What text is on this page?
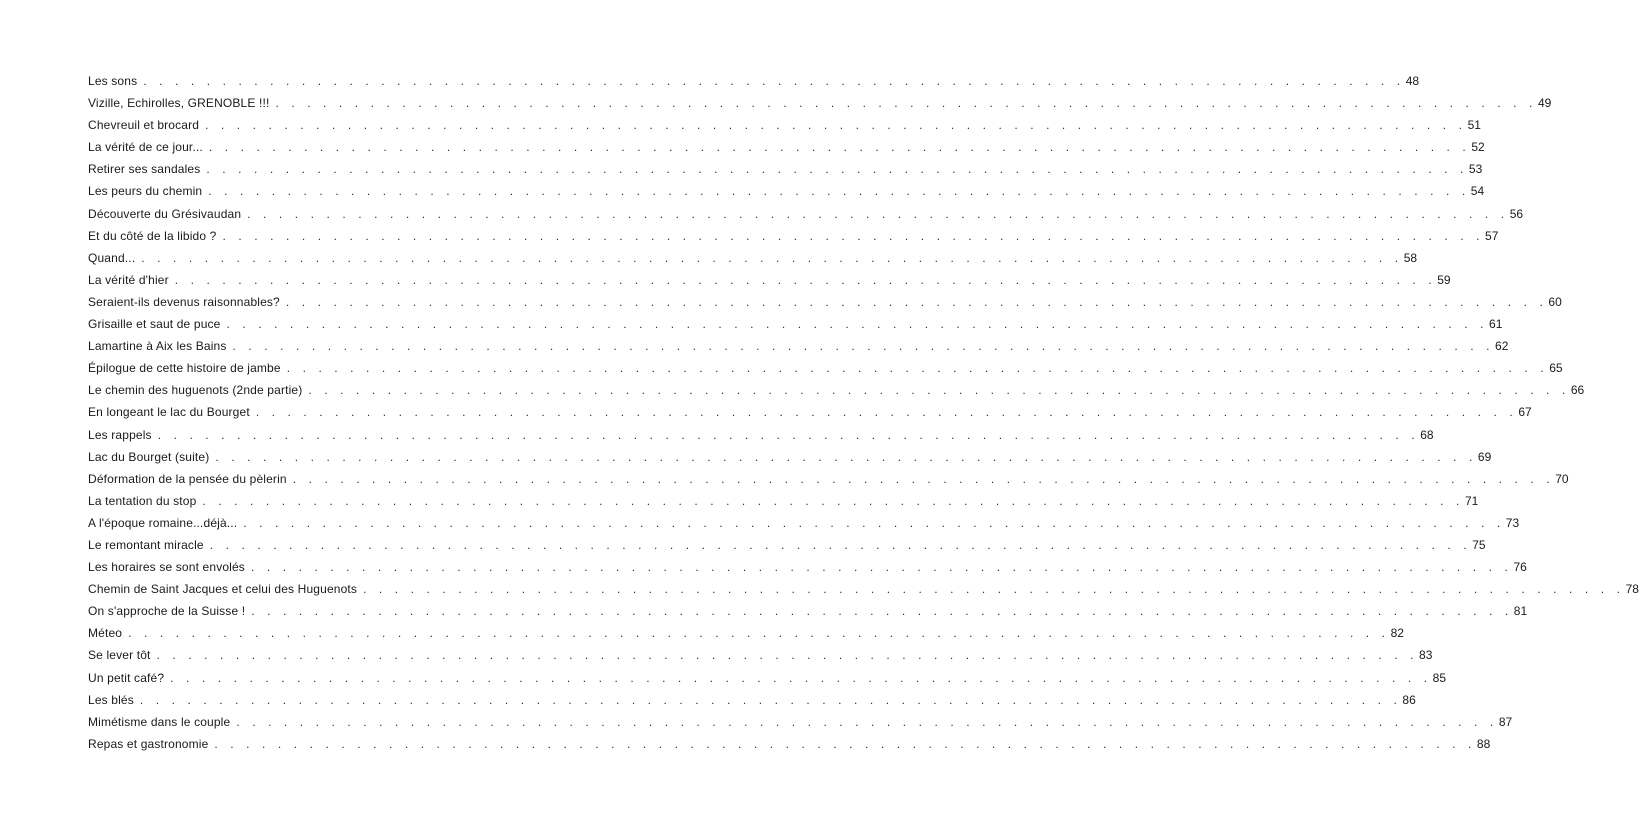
Les sons . . . . . . . . . . . . . . . . . . . . . . . . . . . . . . . . . . . . . . . . . . . . . . . . . . . . . . . . . . . . . . . . . . . . . . . . . . . . . . . . 48
Vizille, Echirolles, GRENOBLE !!! . . . . . . . . . . . . . . . . . . . . . . . . . . . . . . . . . . . . . . . . . . . . . . . . . . . . . . . . . . . . . . . . . . . . . . . . . . . . . . . . 49
Chevreuil et brocard . . . . . . . . . . . . . . . . . . . . . . . . . . . . . . . . . . . . . . . . . . . . . . . . . . . . . . . . . . . . . . . . . . . . . . . . . . . . . . . . 51
La vérité de ce jour... . . . . . . . . . . . . . . . . . . . . . . . . . . . . . . . . . . . . . . . . . . . . . . . . . . . . . . . . . . . . . . . . . . . . . . . . . . . . . . . . 52
Retirer ses sandales . . . . . . . . . . . . . . . . . . . . . . . . . . . . . . . . . . . . . . . . . . . . . . . . . . . . . . . . . . . . . . . . . . . . . . . . . . . . . . . . 53
Les peurs du chemin . . . . . . . . . . . . . . . . . . . . . . . . . . . . . . . . . . . . . . . . . . . . . . . . . . . . . . . . . . . . . . . . . . . . . . . . . . . . . . . . 54
Découverte du Grésivaudan . . . . . . . . . . . . . . . . . . . . . . . . . . . . . . . . . . . . . . . . . . . . . . . . . . . . . . . . . . . . . . . . . . . . . . . . . . . . . . . . 56
Et du côté de la libido ? . . . . . . . . . . . . . . . . . . . . . . . . . . . . . . . . . . . . . . . . . . . . . . . . . . . . . . . . . . . . . . . . . . . . . . . . . . . . . . . . 57
Quand... . . . . . . . . . . . . . . . . . . . . . . . . . . . . . . . . . . . . . . . . . . . . . . . . . . . . . . . . . . . . . . . . . . . . . . . . . . . . . . . . 58
La vérité d'hier . . . . . . . . . . . . . . . . . . . . . . . . . . . . . . . . . . . . . . . . . . . . . . . . . . . . . . . . . . . . . . . . . . . . . . . . . . . . . . . . 59
Seraient-ils devenus raisonnables? . . . . . . . . . . . . . . . . . . . . . . . . . . . . . . . . . . . . . . . . . . . . . . . . . . . . . . . . . . . . . . . . . . . . . . . . . . . . . . . . 60
Grisaille et saut de puce . . . . . . . . . . . . . . . . . . . . . . . . . . . . . . . . . . . . . . . . . . . . . . . . . . . . . . . . . . . . . . . . . . . . . . . . . . . . . . . . 61
Lamartine à Aix les Bains . . . . . . . . . . . . . . . . . . . . . . . . . . . . . . . . . . . . . . . . . . . . . . . . . . . . . . . . . . . . . . . . . . . . . . . . . . . . . . . . 62
Épilogue de cette histoire de jambe . . . . . . . . . . . . . . . . . . . . . . . . . . . . . . . . . . . . . . . . . . . . . . . . . . . . . . . . . . . . . . . . . . . . . . . . . . . . . . . . 65
Le chemin des huguenots (2nde partie) . . . . . . . . . . . . . . . . . . . . . . . . . . . . . . . . . . . . . . . . . . . . . . . . . . . . . . . . . . . . . . . . . . . . . . . . . . . . . . . . 66
En longeant le lac du Bourget . . . . . . . . . . . . . . . . . . . . . . . . . . . . . . . . . . . . . . . . . . . . . . . . . . . . . . . . . . . . . . . . . . . . . . . . . . . . . . . . 67
Les rappels . . . . . . . . . . . . . . . . . . . . . . . . . . . . . . . . . . . . . . . . . . . . . . . . . . . . . . . . . . . . . . . . . . . . . . . . . . . . . . . . 68
Lac du Bourget (suite) . . . . . . . . . . . . . . . . . . . . . . . . . . . . . . . . . . . . . . . . . . . . . . . . . . . . . . . . . . . . . . . . . . . . . . . . . . . . . . . . 69
Déformation de la pensée du pèlerin . . . . . . . . . . . . . . . . . . . . . . . . . . . . . . . . . . . . . . . . . . . . . . . . . . . . . . . . . . . . . . . . . . . . . . . . . . . . . . . . 70
La tentation du stop . . . . . . . . . . . . . . . . . . . . . . . . . . . . . . . . . . . . . . . . . . . . . . . . . . . . . . . . . . . . . . . . . . . . . . . . . . . . . . . . 71
A l'époque romaine...déjà... . . . . . . . . . . . . . . . . . . . . . . . . . . . . . . . . . . . . . . . . . . . . . . . . . . . . . . . . . . . . . . . . . . . . . . . . . . . . . . . . 73
Le remontant miracle . . . . . . . . . . . . . . . . . . . . . . . . . . . . . . . . . . . . . . . . . . . . . . . . . . . . . . . . . . . . . . . . . . . . . . . . . . . . . . . . 75
Les horaires se sont envolés . . . . . . . . . . . . . . . . . . . . . . . . . . . . . . . . . . . . . . . . . . . . . . . . . . . . . . . . . . . . . . . . . . . . . . . . . . . . . . . . 76
Chemin de Saint Jacques et celui des Huguenots . . . . . . . . . . . . . . . . . . . . . . . . . . . . . . . . . . . . . . . . . . . . . . . . . . . . . . . . . . . . . . . . . . . . . . . . . . . . . . . . 78
On s'approche de la Suisse ! . . . . . . . . . . . . . . . . . . . . . . . . . . . . . . . . . . . . . . . . . . . . . . . . . . . . . . . . . . . . . . . . . . . . . . . . . . . . . . . . 81
Méteo . . . . . . . . . . . . . . . . . . . . . . . . . . . . . . . . . . . . . . . . . . . . . . . . . . . . . . . . . . . . . . . . . . . . . . . . . . . . . . . . 82
Se lever tôt . . . . . . . . . . . . . . . . . . . . . . . . . . . . . . . . . . . . . . . . . . . . . . . . . . . . . . . . . . . . . . . . . . . . . . . . . . . . . . . . 83
Un petit café? . . . . . . . . . . . . . . . . . . . . . . . . . . . . . . . . . . . . . . . . . . . . . . . . . . . . . . . . . . . . . . . . . . . . . . . . . . . . . . . . 85
Les blés . . . . . . . . . . . . . . . . . . . . . . . . . . . . . . . . . . . . . . . . . . . . . . . . . . . . . . . . . . . . . . . . . . . . . . . . . . . . . . . . 86
Mimétisme dans le couple . . . . . . . . . . . . . . . . . . . . . . . . . . . . . . . . . . . . . . . . . . . . . . . . . . . . . . . . . . . . . . . . . . . . . . . . . . . . . . . . 87
Repas et gastronomie . . . . . . . . . . . . . . . . . . . . . . . . . . . . . . . . . . . . . . . . . . . . . . . . . . . . . . . . . . . . . . . . . . . . . . . . . . . . . . . . 88
